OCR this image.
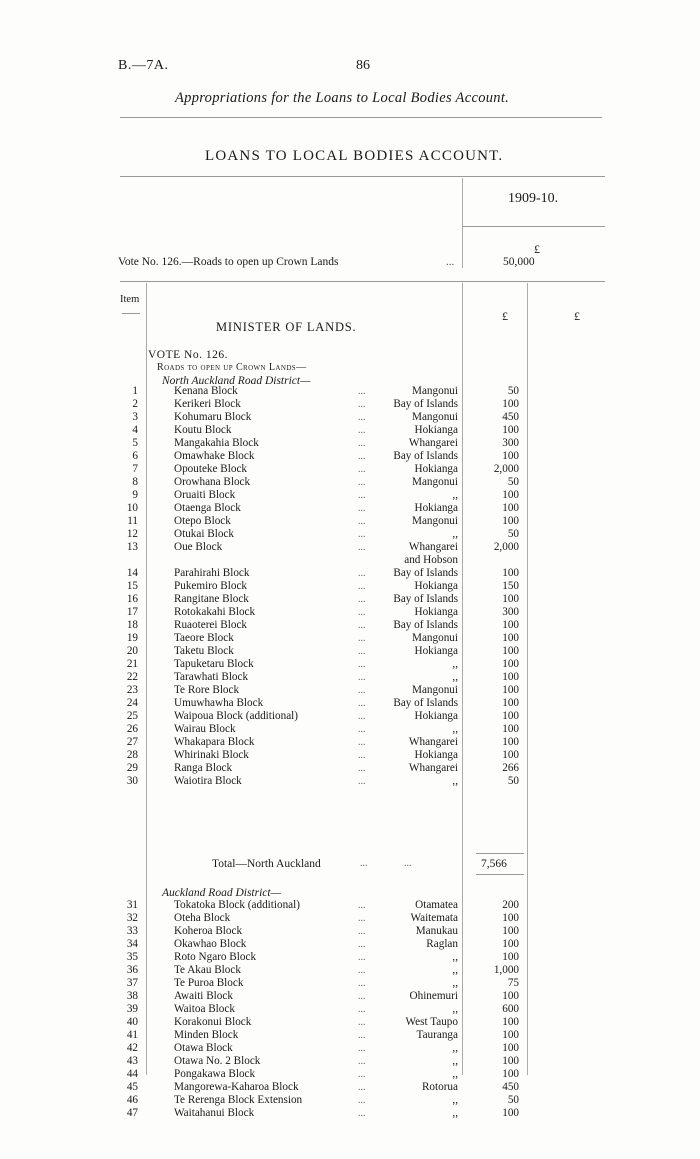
B.—7A.	86
Appropriations for the Loans to Local Bodies Account.
LOANS TO LOCAL BODIES ACCOUNT.
1909-10.
£
Vote No. 126.—Roads to open up Crown Lands	...	50,000
Item
£	£
MINISTER OF LANDS.
VOTE No. 126.
Roads to open up Crown Lands—
North Auckland Road District—
1	Kenana Block	Mangonui	50
...
2	Kerikeri Block	Bay of Islands	100
...
3	Kohumaru Block	Mangonui	450
...
4	Koutu Block	Hokianga	100
...
5	Mangakahia Block	Whangarei	300
...
6	Omawhake Block	Bay of Islands	100
...
7	Opouteke Block	Hokianga	2,000
...
8	Orowhana Block	Mangonui	50
...
9	Oruaiti Block	,,	100
...
10	Otaenga Block	Hokianga	100
...
11	Otepo Block	Mangonui	100
...
12	Otukai Block	,,	50
...
13	Oue Block	Whangarei	2,000
...
and Hobson
14	Parahirahi Block	Bay of Islands	100
...
15	Pukemiro Block	Hokianga	150
...
16	Rangitane Block	Bay of Islands	100
...
17	Rotokakahi Block	Hokianga	300
...
18	Ruaoterei Block	Bay of Islands	100
...
19	Taeore Block	Mangonui	100
...
20	Taketu Block	Hokianga	100
...
21	Tapuketaru Block	,,	100
...
22	Tarawhati Block	,,	100
...
23	Te Rore Block	Mangonui	100
...
24	Umuwhawha Block	Bay of Islands	100
...
25	Waipoua Block (additional)	Hokianga	100
...
26	Wairau Block	,,	100
...
27	Whakapara Block	Whangarei	100
...
28	Whirinaki Block	Hokianga	100
...
29	Ranga Block	Whangarei	266
...
30	Waiotira Block	,,	50
...
Total—North Auckland	...	...	7,566
Auckland Road District—
31	Tokatoka Block (additional)	Otamatea	200
...
32	Oteha Block	Waitemata	100
...
33	Koheroa Block	Manukau	100
...
34	Okawhao Block	Raglan	100
...
35	Roto Ngaro Block	,,	100
...
36	Te Akau Block	,,	1,000
...
37	Te Puroa Block	,,	75
...
38	Awaiti Block	Ohinemuri	100
...
39	Waitoa Block	,,	600
...
40	Korakonui Block	West Taupo	100
...
41	Minden Block	Tauranga	100
...
42	Otawa Block	,,	100
...
43	Otawa No. 2 Block	,,	100
...
44	Pongakawa Block	,,	100
...
45	Mangorewa-Kaharoa Block	Rotorua	450
...
46	Te Rerenga Block Extension	,,	50
...
47	Waitahanui Block	,,	100
...
